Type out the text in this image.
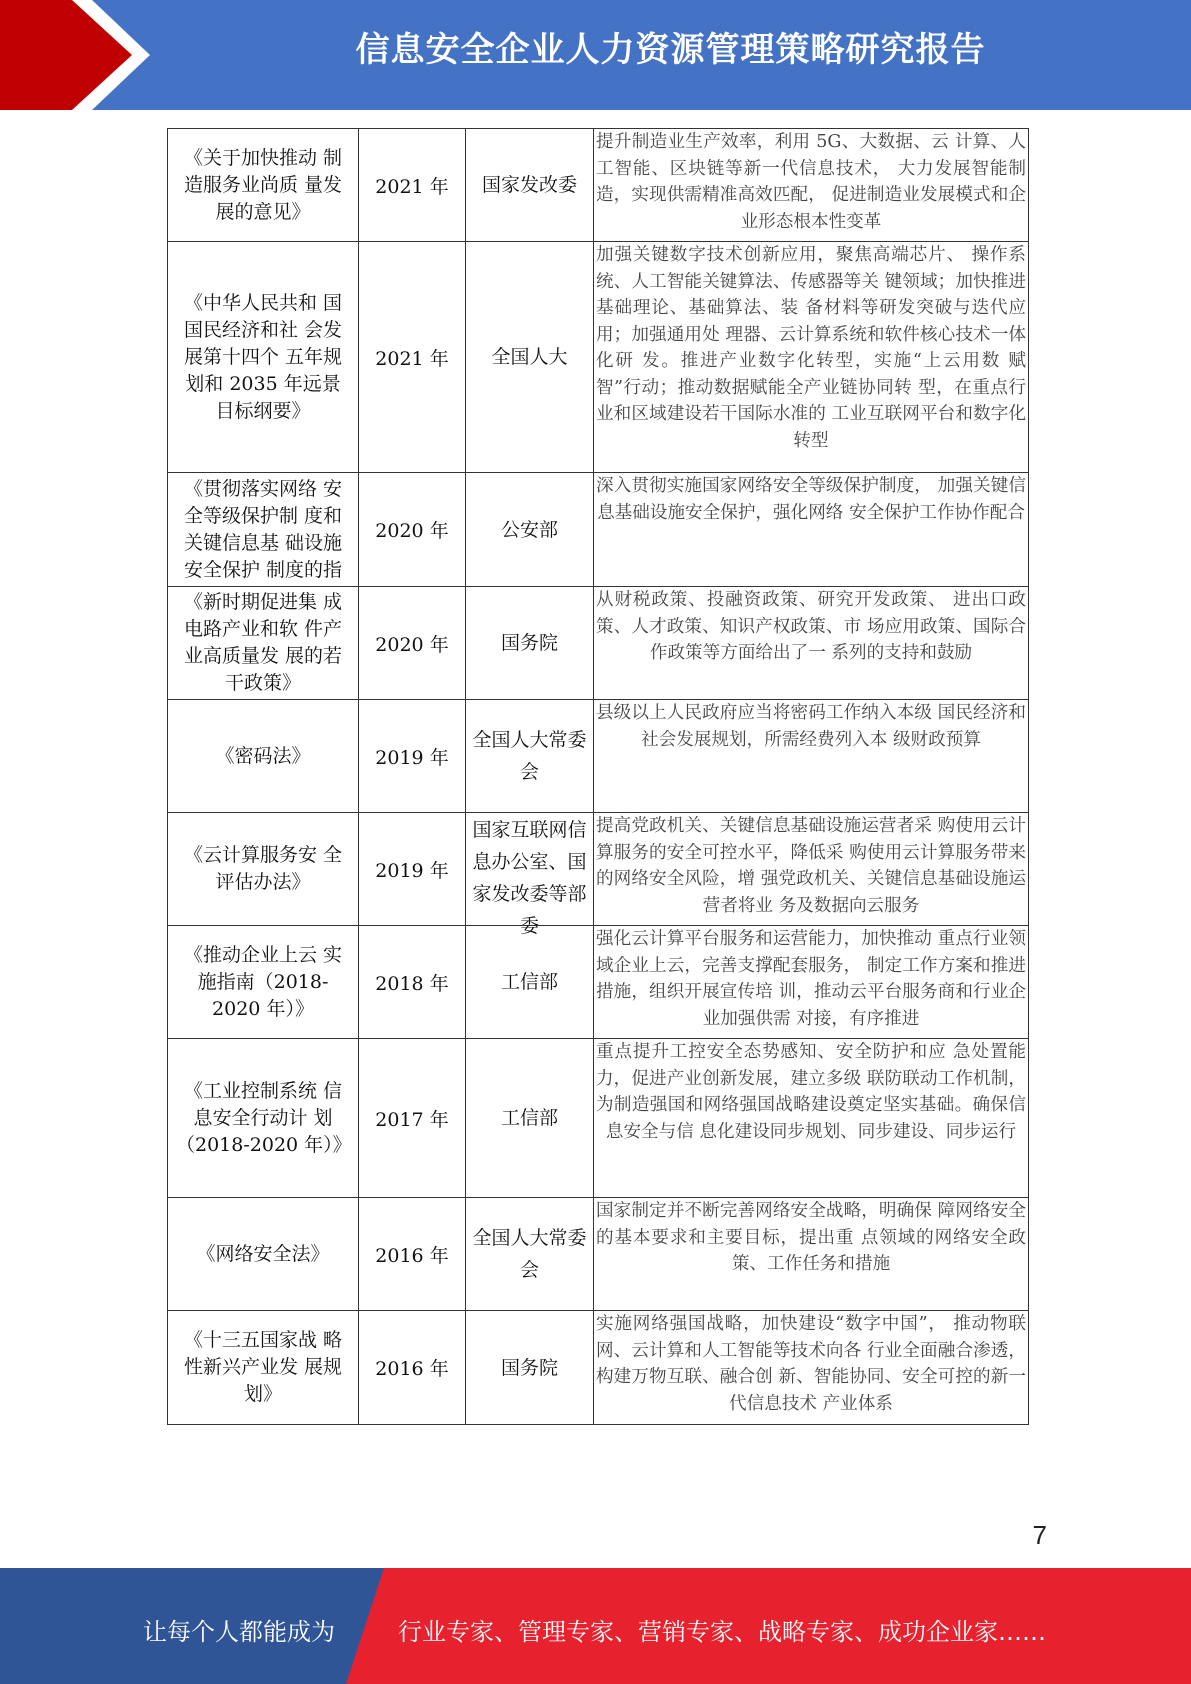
信息安全企业人力资源管理策略研究报告
《关于加快推动 制造服务业尚质 量发展的意见》	2021 年	国家发改委	提升制造业生产效率，利用 5G、大数据、云 计算、人工智能、区块链等新一代信息技术， 大力发展智能制造，实现供需精准高效匹配， 促进制造业发展模式和企业形态根本性变革

《中华人民共和 国国民经济和社 会发展第十四个 五年规划和 2035 年远景目标纲要》	2021 年	全国人大	加强关键数字技术创新应用，聚焦高端芯片、 操作系统、人工智能关键算法、传感器等关 键领域；加快推进基础理论、基础算法、装 备材料等研发突破与迭代应用；加强通用处 理器、云计算系统和软件核心技术一体化研 发。推进产业数字化转型，实施“上云用数 赋智”行动；推动数据赋能全产业链协同转 型，在重点行业和区域建设若干国际水准的 工业互联网平台和数字化转型

《贯彻落实网络 安全等级保护制 度和关键信息基 础设施安全保护 制度的指	2020 年	公安部	深入贯彻实施国家网络安全等级保护制度， 加强关键信息基础设施安全保护，强化网络 安全保护工作协作配合

《新时期促进集 成电路产业和软 件产业高质量发 展的若干政策》	2020 年	国务院	从财税政策、投融资政策、研究开发政策、 进出口政策、人才政策、知识产权政策、市 场应用政策、国际合作政策等方面给出了一 系列的支持和鼓励

《密码法》	2019 年	全国人大常委会	县级以上人民政府应当将密码工作纳入本级 国民经济和社会发展规划，所需经费列入本 级财政预算

《云计算服务安 全评估办法》	2019 年	国家互联网信息办公室、国家发改委等部委	提高党政机关、关键信息基础设施运营者采 购使用云计算服务的安全可控水平，降低采 购使用云计算服务带来的网络安全风险，增 强党政机关、关键信息基础设施运营者将业 务及数据向云服务

《推动企业上云 实施指南（2018-2020 年）》	2018 年	工信部	强化云计算平台服务和运营能力，加快推动 重点行业领域企业上云，完善支撑配套服务， 制定工作方案和推进措施，组织开展宣传培 训，推动云平台服务商和行业企业加强供需 对接，有序推进

《工业控制系统 信息安全行动计 划（2018-2020 年）》	2017 年	工信部	重点提升工控安全态势感知、安全防护和应 急处置能力，促进产业创新发展，建立多级 联防联动工作机制，为制造强国和网络强国战略建设奠定坚实基础。确保信息安全与信 息化建设同步规划、同步建设、同步运行

《网络安全法》	2016 年	全国人大常委会	国家制定并不断完善网络安全战略，明确保 障网络安全的基本要求和主要目标，提出重 点领域的网络安全政策、工作任务和措施

《十三五国家战 略性新兴产业发 展规划》	2016 年	国务院	实施网络强国战略，加快建设“数字中国”， 推动物联网、云计算和人工智能等技术向各 行业全面融合渗透，构建万物互联、融合创 新、智能协同、安全可控的新一代信息技术 产业体系
7
让每个人都能成为	行业专家、管理专家、营销专家、战略专家、成功企业家……
